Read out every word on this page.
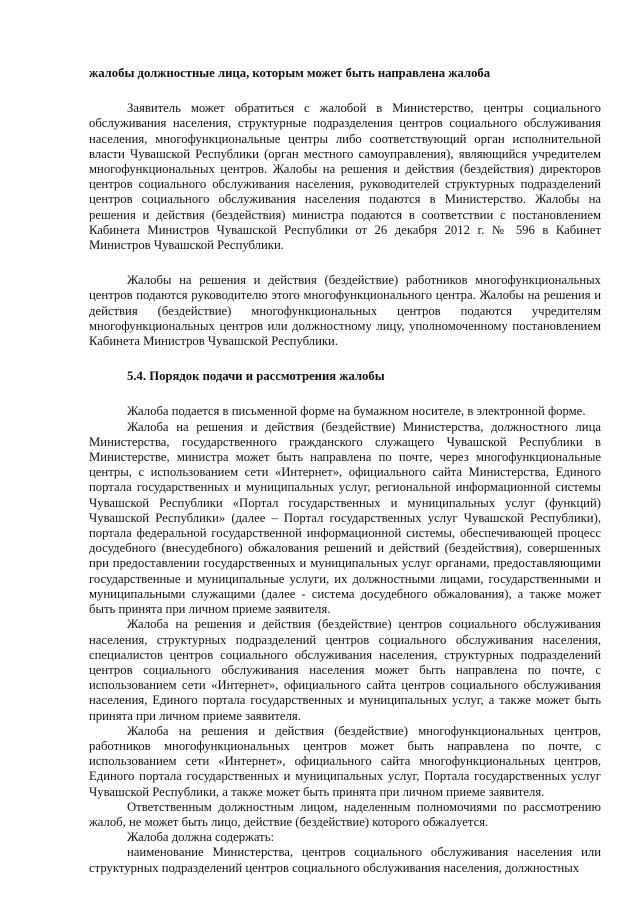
жалобы должностные лица, которым может быть направлена жалоба

Заявитель может обратиться с жалобой в Министерство, центры социального обслуживания населения, структурные подразделения центров социального обслуживания населения, многофункциональные центры либо соответствующий орган исполнительной власти Чувашской Республики (орган местного самоуправления), являющийся учредителем многофункциональных центров. Жалобы на решения и действия (бездействия) директоров центров социального обслуживания населения, руководителей структурных подразделений центров социального обслуживания населения подаются в Министерство. Жалобы на решения и действия (бездействия) министра подаются в соответствии с постановлением Кабинета Министров Чувашской Республики от 26 декабря 2012 г. № 596 в Кабинет Министров Чувашской Республики.

Жалобы на решения и действия (бездействие) работников многофункциональных центров подаются руководителю этого многофункционального центра. Жалобы на решения и действия (бездействие) многофункциональных центров подаются учредителям многофункциональных центров или должностному лицу, уполномоченному постановлением Кабинета Министров Чувашской Республики.

5.4. Порядок подачи и рассмотрения жалобы

Жалоба подается в письменной форме на бумажном носителе, в электронной форме.

Жалоба на решения и действия (бездействие) Министерства, должностного лица Министерства, государственного гражданского служащего Чувашской Республики в Министерстве, министра может быть направлена по почте, через многофункциональные центры, с использованием сети «Интернет», официального сайта Министерства, Единого портала государственных и муниципальных услуг, региональной информационной системы Чувашской Республики «Портал государственных и муниципальных услуг (функций) Чувашской Республики» (далее – Портал государственных услуг Чувашской Республики), портала федеральной государственной информационной системы, обеспечивающей процесс досудебного (внесудебного) обжалования решений и действий (бездействия), совершенных при предоставлении государственных и муниципальных услуг органами, предоставляющими государственные и муниципальные услуги, их должностными лицами, государственными и муниципальными служащими (далее - система досудебного обжалования), а также может быть принята при личном приеме заявителя.

Жалоба на решения и действия (бездействие) центров социального обслуживания населения, структурных подразделений центров социального обслуживания населения, специалистов центров социального обслуживания населения, структурных подразделений центров социального обслуживания населения может быть направлена по почте, с использованием сети «Интернет», официального сайта центров социального обслуживания населения, Единого портала государственных и муниципальных услуг, а также может быть принята при личном приеме заявителя.

Жалоба на решения и действия (бездействие) многофункциональных центров, работников многофункциональных центров может быть направлена по почте, с использованием сети «Интернет», официального сайта многофункциональных центров, Единого портала государственных и муниципальных услуг, Портала государственных услуг Чувашской Республики, а также может быть принята при личном приеме заявителя.

Ответственным должностным лицом, наделенным полномочиями по рассмотрению жалоб, не может быть лицо, действие (бездействие) которого обжалуется.

Жалоба должна содержать:

наименование Министерства, центров социального обслуживания населения или структурных подразделений центров социального обслуживания населения, должностных
